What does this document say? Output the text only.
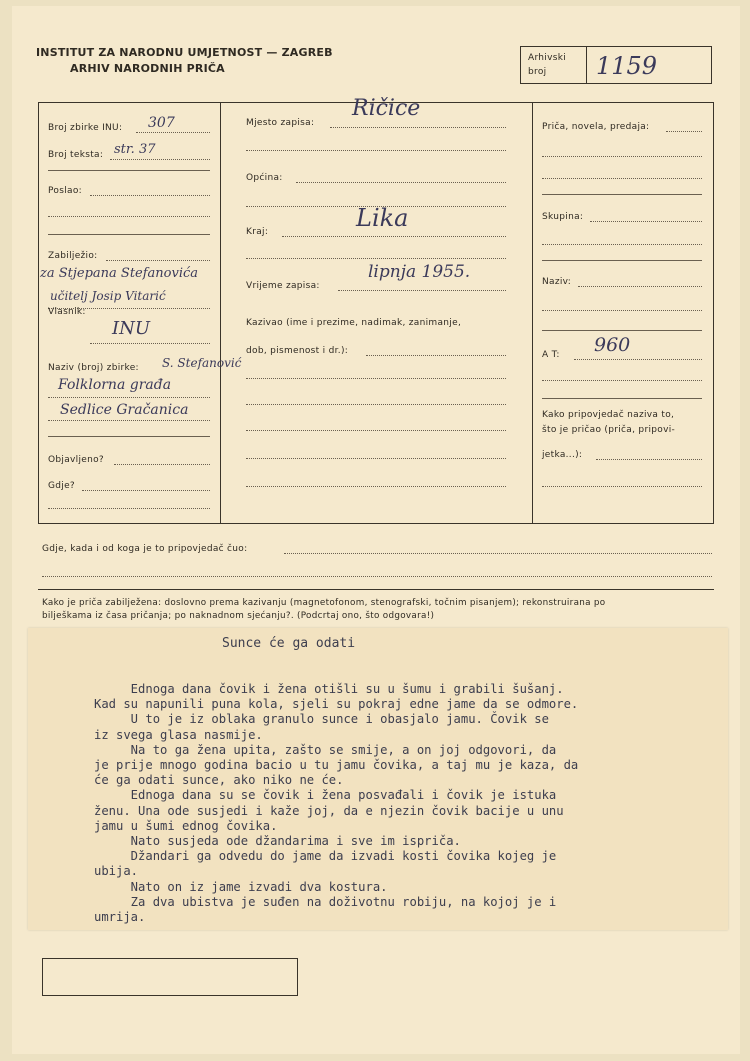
INSTITUT ZA NARODNU UMJETNOST — ZAGREB
ARHIV NARODNIH PRIČA
Arhivski
broj 1159
Broj zbirke INU: 307
Broj teksta: str. 37
Poslao:
Zabilježio:
za Stjepana Stefanovića
učitelj Josip Vitarić
Vlasnik:
INU
Naziv (broj) zbirke: S. Stefanović
Folklorna građa
Sedlice Gračanica
Objavljeno?
Gdje?
Mjesto zapisa:
Ričice
Općina:
Kraj:	Lika
Vrijeme zapisa:
lipnja 1955.
Kazivao (ime i prezime, nadimak, zanimanje,
dob, pismenost i dr.):
Priča, novela, predaja:
Skupina:
Naziv:
A T: 960
Kako pripovjedač naziva to,
što je pričao (priča, pripovi-
jetka...):
Gdje, kada i od koga je to pripovjedač čuo:
Kako je priča zabilježena: doslovno prema kazivanju (magnetofonom, stenografski, točnim pisanjem); rekonstruirana po
bilješkama iz časa pričanja; po naknadnom sjećanju?. (Podcrtaj ono, što odgovara!)
Sunce će ga odati
Ednoga dana čovik i žena otišli su u šumu i grabili šušanj.
Kad su napunili puna kola, sjeli su pokraj edne jame da se odmore.
U to je iz oblaka granulo sunce i obasjalo jamu. Čovik se
iz svega glasa nasmije.
Na to ga žena upita, zašto se smije, a on joj odgovori, da
je prije mnogo godina bacio u tu jamu čovika, a taj mu je kaza, da
će ga odati sunce, ako niko ne će.
Ednoga dana su se čovik i žena posvađali i čovik je istuka
ženu. Una ode susjedi i kaže joj, da e njezin čovik bacije u unu
jamu u šumi ednog čovika.
Nato susjeda ode džandarima i sve im ispriča.
Džandari ga odvedu do jame da izvadi kosti čovika kojeg je
ubija.
Nato on iz jame izvadi dva kostura.
Za dva ubistva je suđen na doživotnu robiju, na kojoj je i
umrija.
